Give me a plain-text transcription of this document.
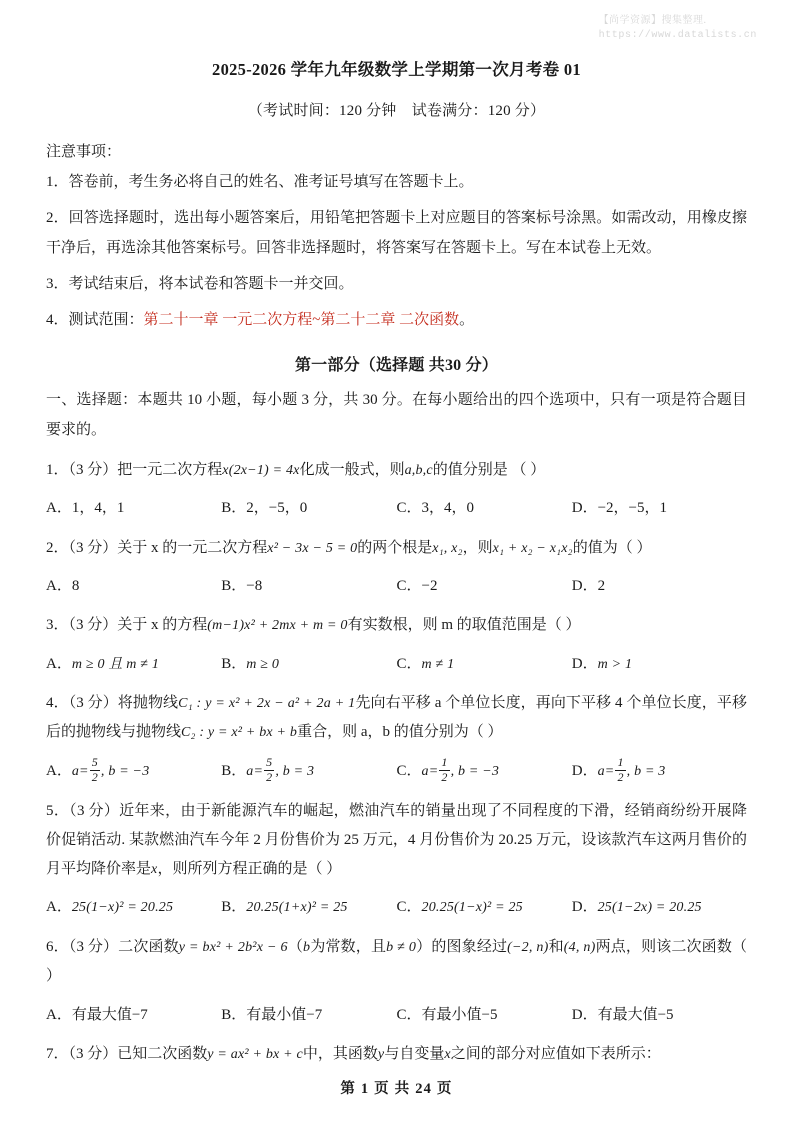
【尚学资源】搜集整理.
https://www.datalists.cn
2025-2026 学年九年级数学上学期第一次月考卷 01
（考试时间：120 分钟　试卷满分：120 分）
注意事项：

1．答卷前，考生务必将自己的姓名、准考证号填写在答题卡上。

2．回答选择题时，选出每小题答案后，用铅笔把答题卡上对应题目的答案标号涂黑。如需改动，用橡皮擦干净后，再选涂其他答案标号。回答非选择题时，将答案写在答题卡上。写在本试卷上无效。

3．考试结束后，将本试卷和答题卡一并交回。

4．测试范围：第二十一章 一元二次方程~第二十二章 二次函数。

第一部分（选择题 共30 分）

一、选择题：本题共 10 小题，每小题 3 分，共 30 分。在每小题给出的四个选项中，只有一项是符合题目要求的。

1．（3 分）把一元二次方程x(2x−1) = 4x化成一般式，则a,b,c的值分别是 （ ）

A．1，4，1	B．2，−5，0	C．3，4，0	D．−2，−5，1

2．（3 分）关于 x 的一元二次方程x² − 3x − 5 = 0的两个根是x₁, x₂，则x₁ + x₂ − x₁x₂的值为（ ）

A．8	B．−8	C．−2	D．2

3．（3 分）关于 x 的方程(m−1)x² + 2mx + m = 0有实数根，则 m 的取值范围是（ ）

A．m ≥ 0 且 m ≠ 1	B．m ≥ 0	C．m ≠ 1	D．m > 1

4．（3 分）将抛物线C₁ : y = x² + 2x − a² + 2a + 1先向右平移 a 个单位长度，再向下平移 4 个单位长度，平移后的抛物线与抛物线C₂ : y = x² + bx + b重合，则 a，b 的值分别为（ ）

A．$a= \frac{5}{2}$ , b = −3	B．$a= \frac{5}{2}$ , b = 3	C．$a= \frac{1}{2}$ , b = −3	D．$a= \frac{1}{2}$ , b = 3

5．（3 分）近年来，由于新能源汽车的崛起，燃油汽车的销量出现了不同程度的下滑，经销商纷纷开展降价促销活动. 某款燃油汽车今年 2 月份售价为 25 万元，4 月份售价为 20.25 万元，设该款汽车这两月售价的月平均降价率是x，则所列方程正确的是（ ）

A．25(1−x)² = 20.25	B．20.25(1+x)² = 25	C．20.25(1−x)² = 25	D．25(1−2x) = 20.25

6．（3 分）二次函数y = bx² + 2b²x − 6（b为常数，且b ≠ 0）的图象经过(−2, n)和(4, n)两点，则该二次函数（ ）

A．有最大值−7	B．有最小值−7	C．有最小值−5	D．有最大值−5

7．（3 分）已知二次函数y = ax² + bx + c中，其函数y与自变量x之间的部分对应值如下表所示：

第 1 页 共 24 页
